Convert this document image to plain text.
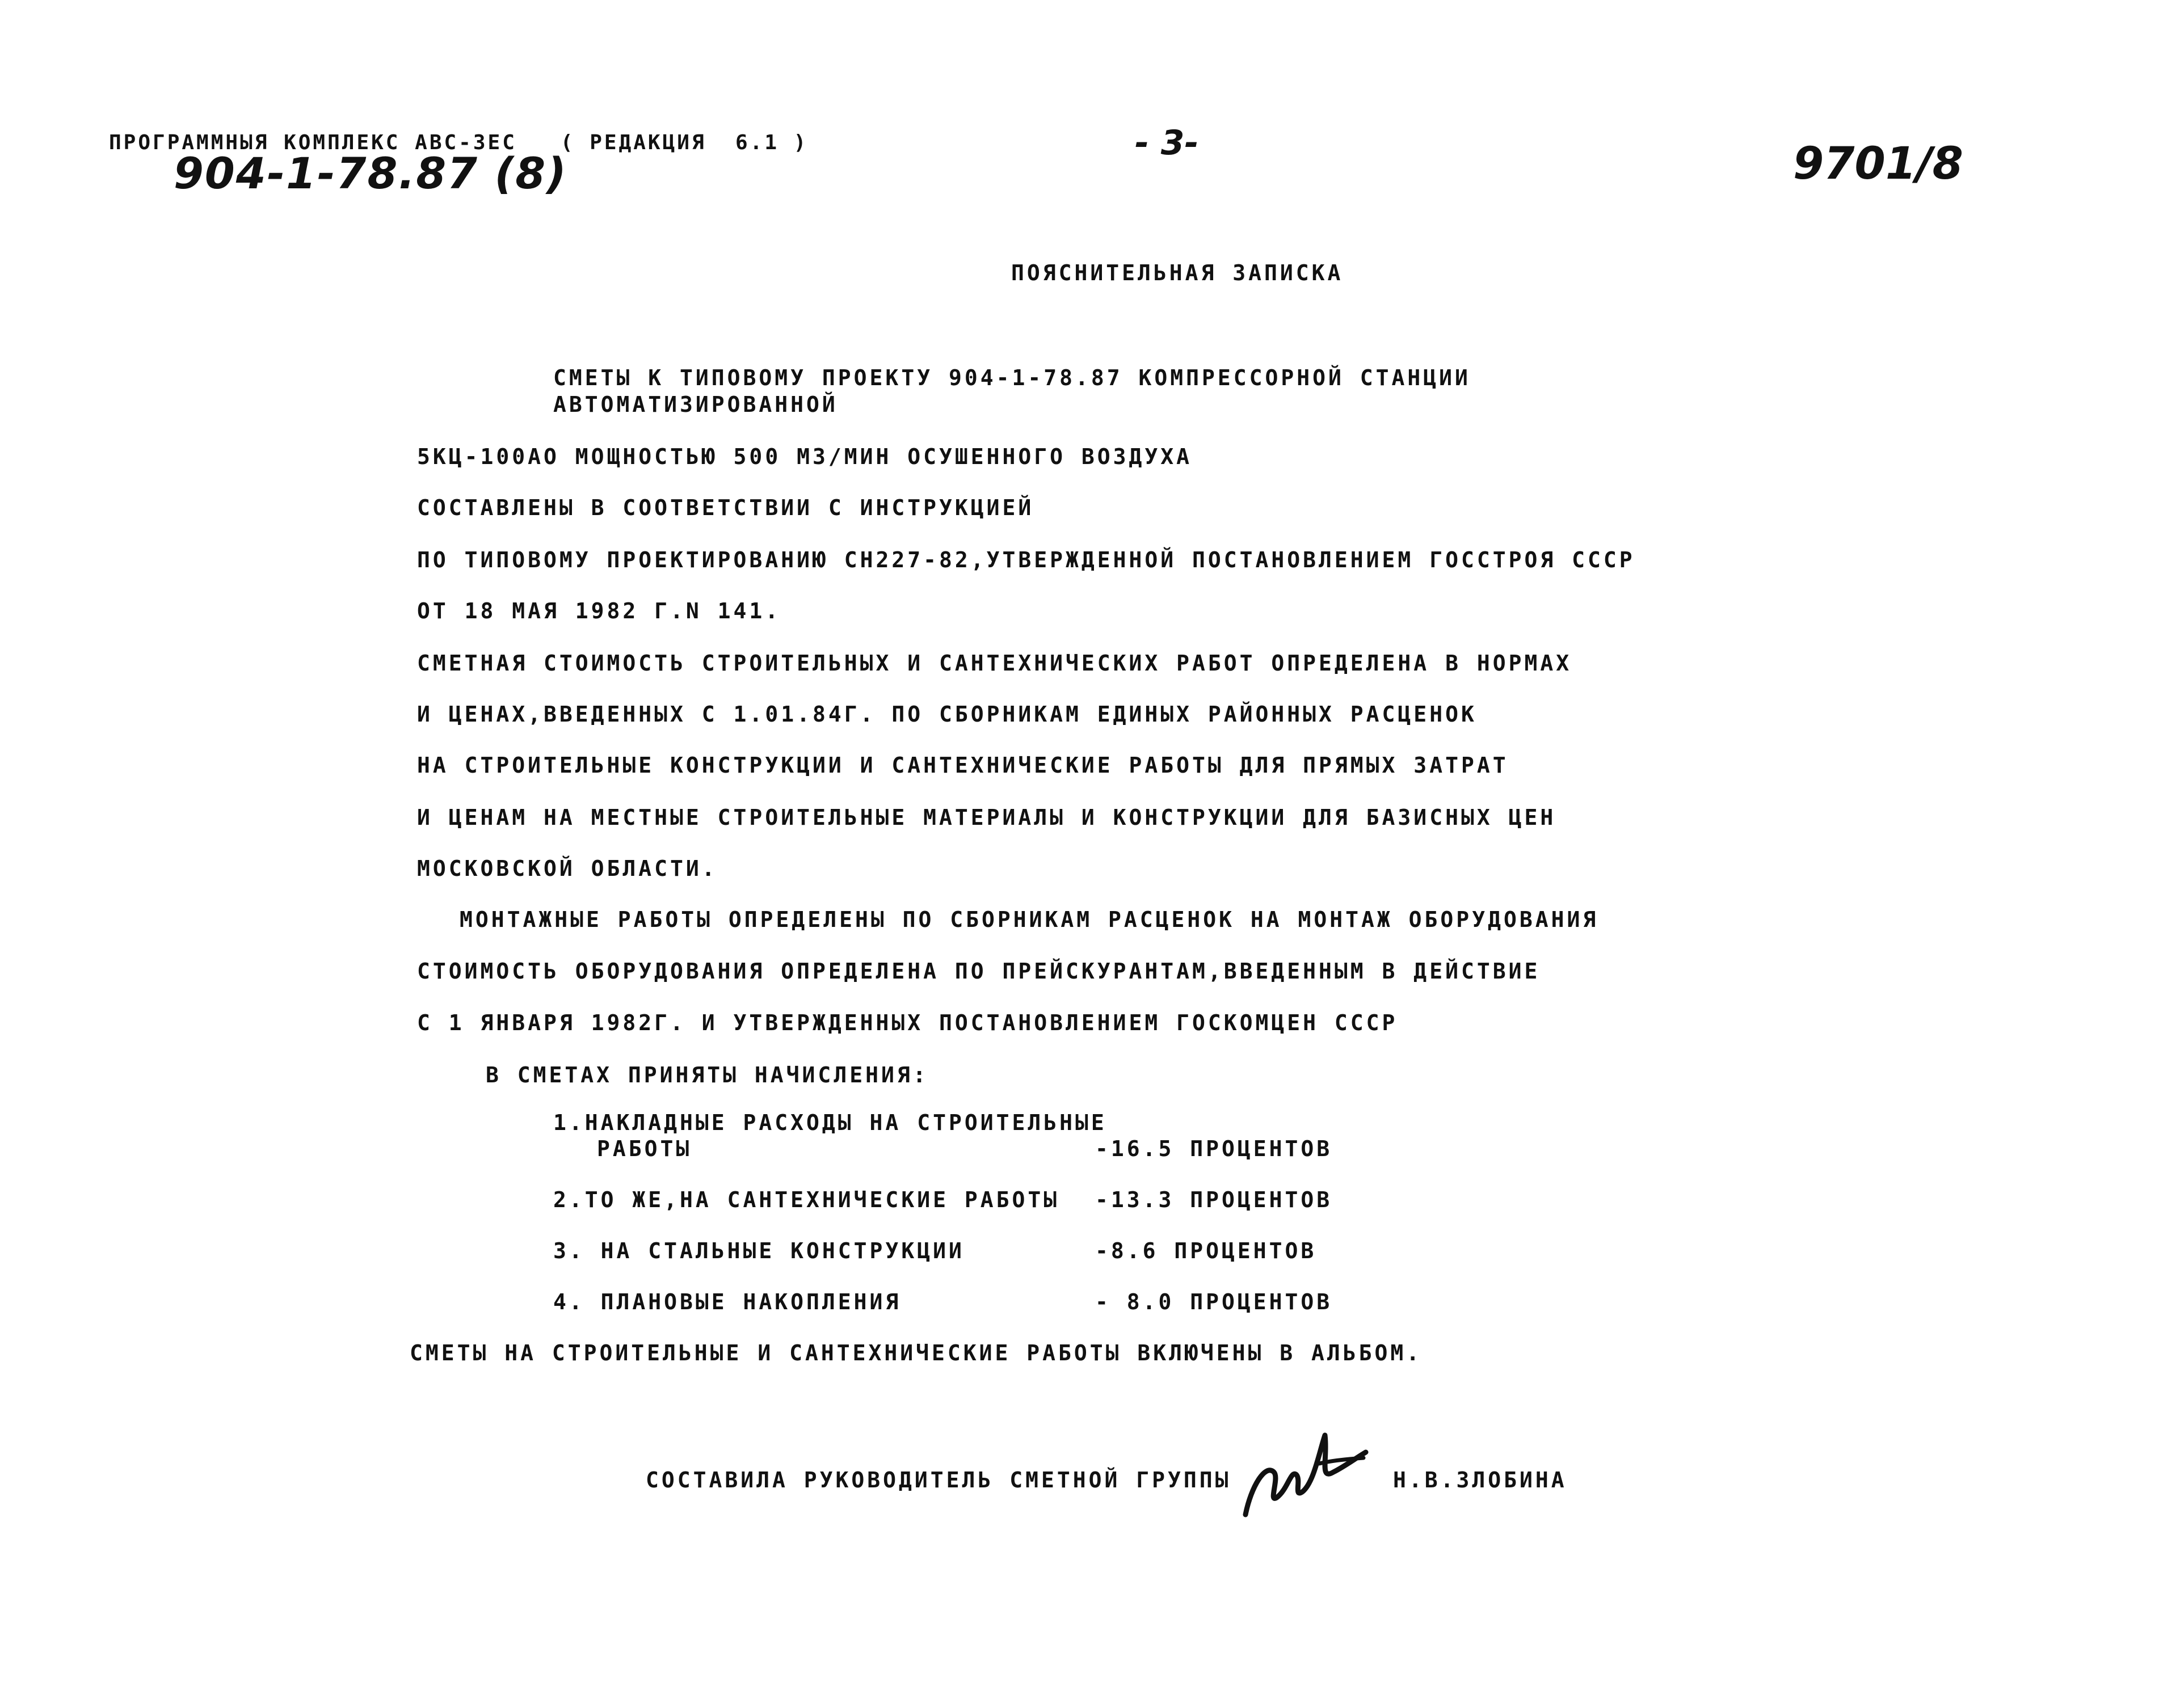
ПРОГРАММНЫЯ КОМПЛЕКС АВС-3ЕС   ( РЕДАКЦИЯ  6.1 )
904-1-78.87 (8)
- 3-	9701/8
ПОЯСНИТЕЛЬНАЯ ЗАПИСКА
СМЕТЫ К ТИПОВОМУ ПРОЕКТУ 904-1-78.87 КОМПРЕССОРНОЙ СТАНЦИИ
АВТОМАТИЗИРОВАННОЙ
5КЦ-100АО МОЩНОСТЬЮ 500 М3/МИН ОСУШЕННОГО ВОЗДУХА
СОСТАВЛЕНЫ В СООТВЕТСТВИИ С ИНСТРУКЦИЕЙ
ПО ТИПОВОМУ ПРОЕКТИРОВАНИЮ СН227-82,УТВЕРЖДЕННОЙ ПОСТАНОВЛЕНИЕМ ГОССТРОЯ СССР
ОТ 18 МАЯ 1982 Г.N 141.
СМЕТНАЯ СТОИМОСТЬ СТРОИТЕЛЬНЫХ И САНТЕХНИЧЕСКИХ РАБОТ ОПРЕДЕЛЕНА В НОРМАХ
И ЦЕНАХ,ВВЕДЕННЫХ С 1.01.84Г. ПО СБОРНИКАМ ЕДИНЫХ РАЙОННЫХ РАСЦЕНОК
НА СТРОИТЕЛЬНЫЕ КОНСТРУКЦИИ И САНТЕХНИЧЕСКИЕ РАБОТЫ ДЛЯ ПРЯМЫХ ЗАТРАТ
И ЦЕНАМ НА МЕСТНЫЕ СТРОИТЕЛЬНЫЕ МАТЕРИАЛЫ И КОНСТРУКЦИИ ДЛЯ БАЗИСНЫХ ЦЕН
МОСКОВСКОЙ ОБЛАСТИ.
МОНТАЖНЫЕ РАБОТЫ ОПРЕДЕЛЕНЫ ПО СБОРНИКАМ РАСЦЕНОК НА МОНТАЖ ОБОРУДОВАНИЯ
СТОИМОСТЬ ОБОРУДОВАНИЯ ОПРЕДЕЛЕНА ПО ПРЕЙСКУРАНТАМ,ВВЕДЕННЫМ В ДЕЙСТВИЕ
С 1 ЯНВАРЯ 1982Г. И УТВЕРЖДЕННЫХ ПОСТАНОВЛЕНИЕМ ГОСКОМЦЕН СССР
В СМЕТАХ ПРИНЯТЫ НАЧИСЛЕНИЯ:
1.НАКЛАДНЫЕ РАСХОДЫ НА СТРОИТЕЛЬНЫЕ
РАБОТЫ	-16.5 ПРОЦЕНТОВ
2.ТО ЖЕ,НА САНТЕХНИЧЕСКИЕ РАБОТЫ -13.3 ПРОЦЕНТОВ
3. НА СТАЛЬНЫЕ КОНСТРУКЦИИ	-8.6 ПРОЦЕНТОВ
4. ПЛАНОВЫЕ НАКОПЛЕНИЯ	- 8.0 ПРОЦЕНТОВ
СМЕТЫ НА СТРОИТЕЛЬНЫЕ И САНТЕХНИЧЕСКИЕ РАБОТЫ ВКЛЮЧЕНЫ В АЛЬБОМ.
СОСТАВИЛА РУКОВОДИТЕЛЬ СМЕТНОЙ ГРУППЫ	Н.В.ЗЛОБИНА
